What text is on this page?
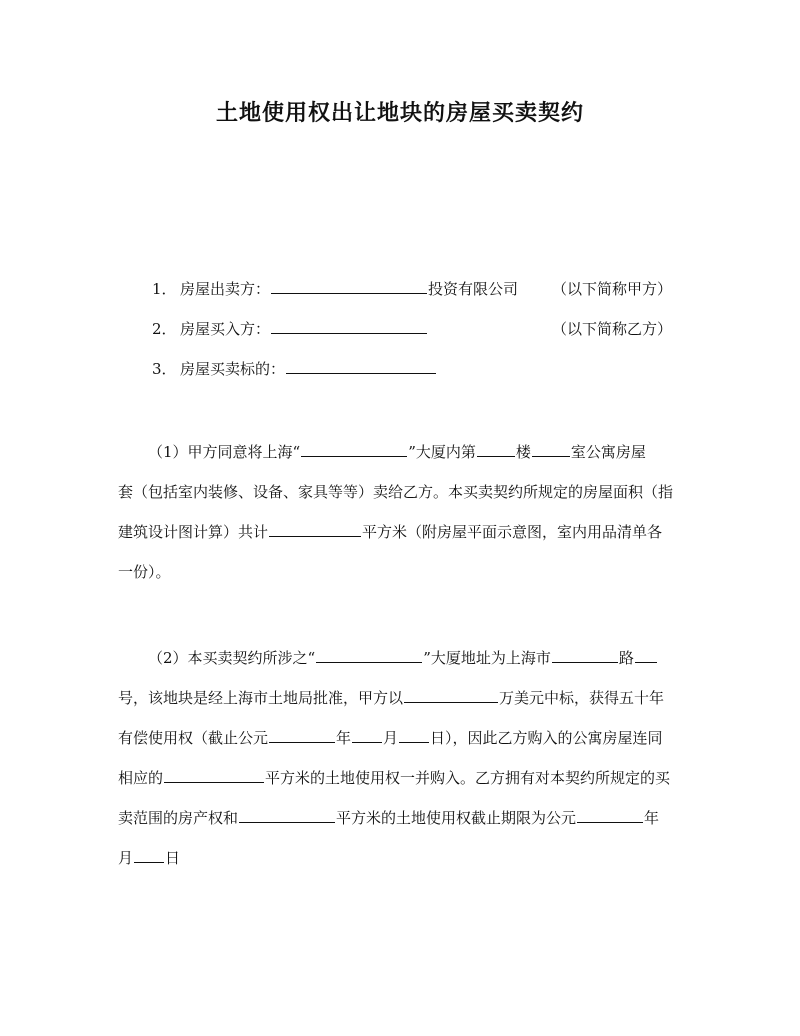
土地使用权出让地块的房屋买卖契约
1． 房屋出卖方：	投资有限公司 （以下简称甲方）
2． 房屋买入方：	（以下简称乙方）
3． 房屋买卖标的：
（1）甲方同意将上海“	”大厦内第	楼	室公寓房屋
套（包括室内装修、设备、家具等等）卖给乙方。本买卖契约所规定的房屋面积（指
建筑设计图计算）共计	平方米（附房屋平面示意图，室内用品清单各
一份）。
（2）本买卖契约所涉之“	”大厦地址为上海市	路
号，该地块是经上海市土地局批准，甲方以	万美元中标，获得五十年
有偿使用权（截止公元	年 月 日），因此乙方购入的公寓房屋连同
相应的	平方米的土地使用权一并购入。乙方拥有对本契约所规定的买
卖范围的房产权和	平方米的土地使用权截止期限为公元	年
月 日
